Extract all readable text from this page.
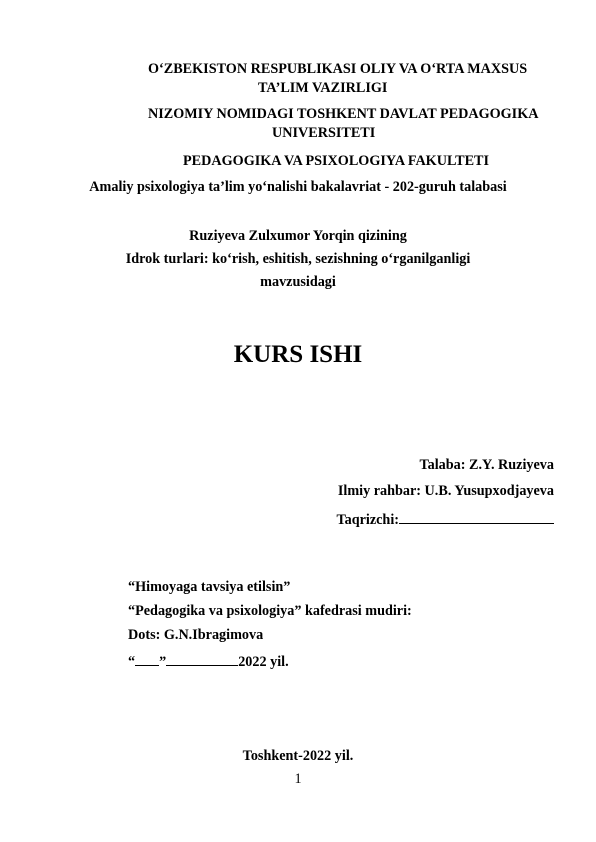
O‘ZBEKISTON RESPUBLIKASI OLIY VA O‘RTA MAXSUS
TA’LIM VAZIRLIGI
NIZOMIY NOMIDAGI TOSHKENT DAVLAT PEDAGOGIKA
UNIVERSITETI
PEDAGOGIKA VA PSIXOLOGIYA FAKULTETI
Amaliy psixologiya ta’lim yo‘nalishi bakalavriat - 202-guruh talabasi
Ruziyeva Zulxumor Yorqin qizining
Idrok turlari: ko‘rish, eshitish, sezishning o‘rganilganligi
mavzusidagi
KURS ISHI
Talaba: Z.Y. Ruziyeva
Ilmiy rahbar: U.B. Yusupxodjayeva
Taqrizchi:
“Himoyaga tavsiya etilsin”
“Pedagogika va psixologiya” kafedrasi mudiri:
Dots: G.N.Ibragimova
“ ”	2022 yil.
Toshkent-2022 yil.
1
